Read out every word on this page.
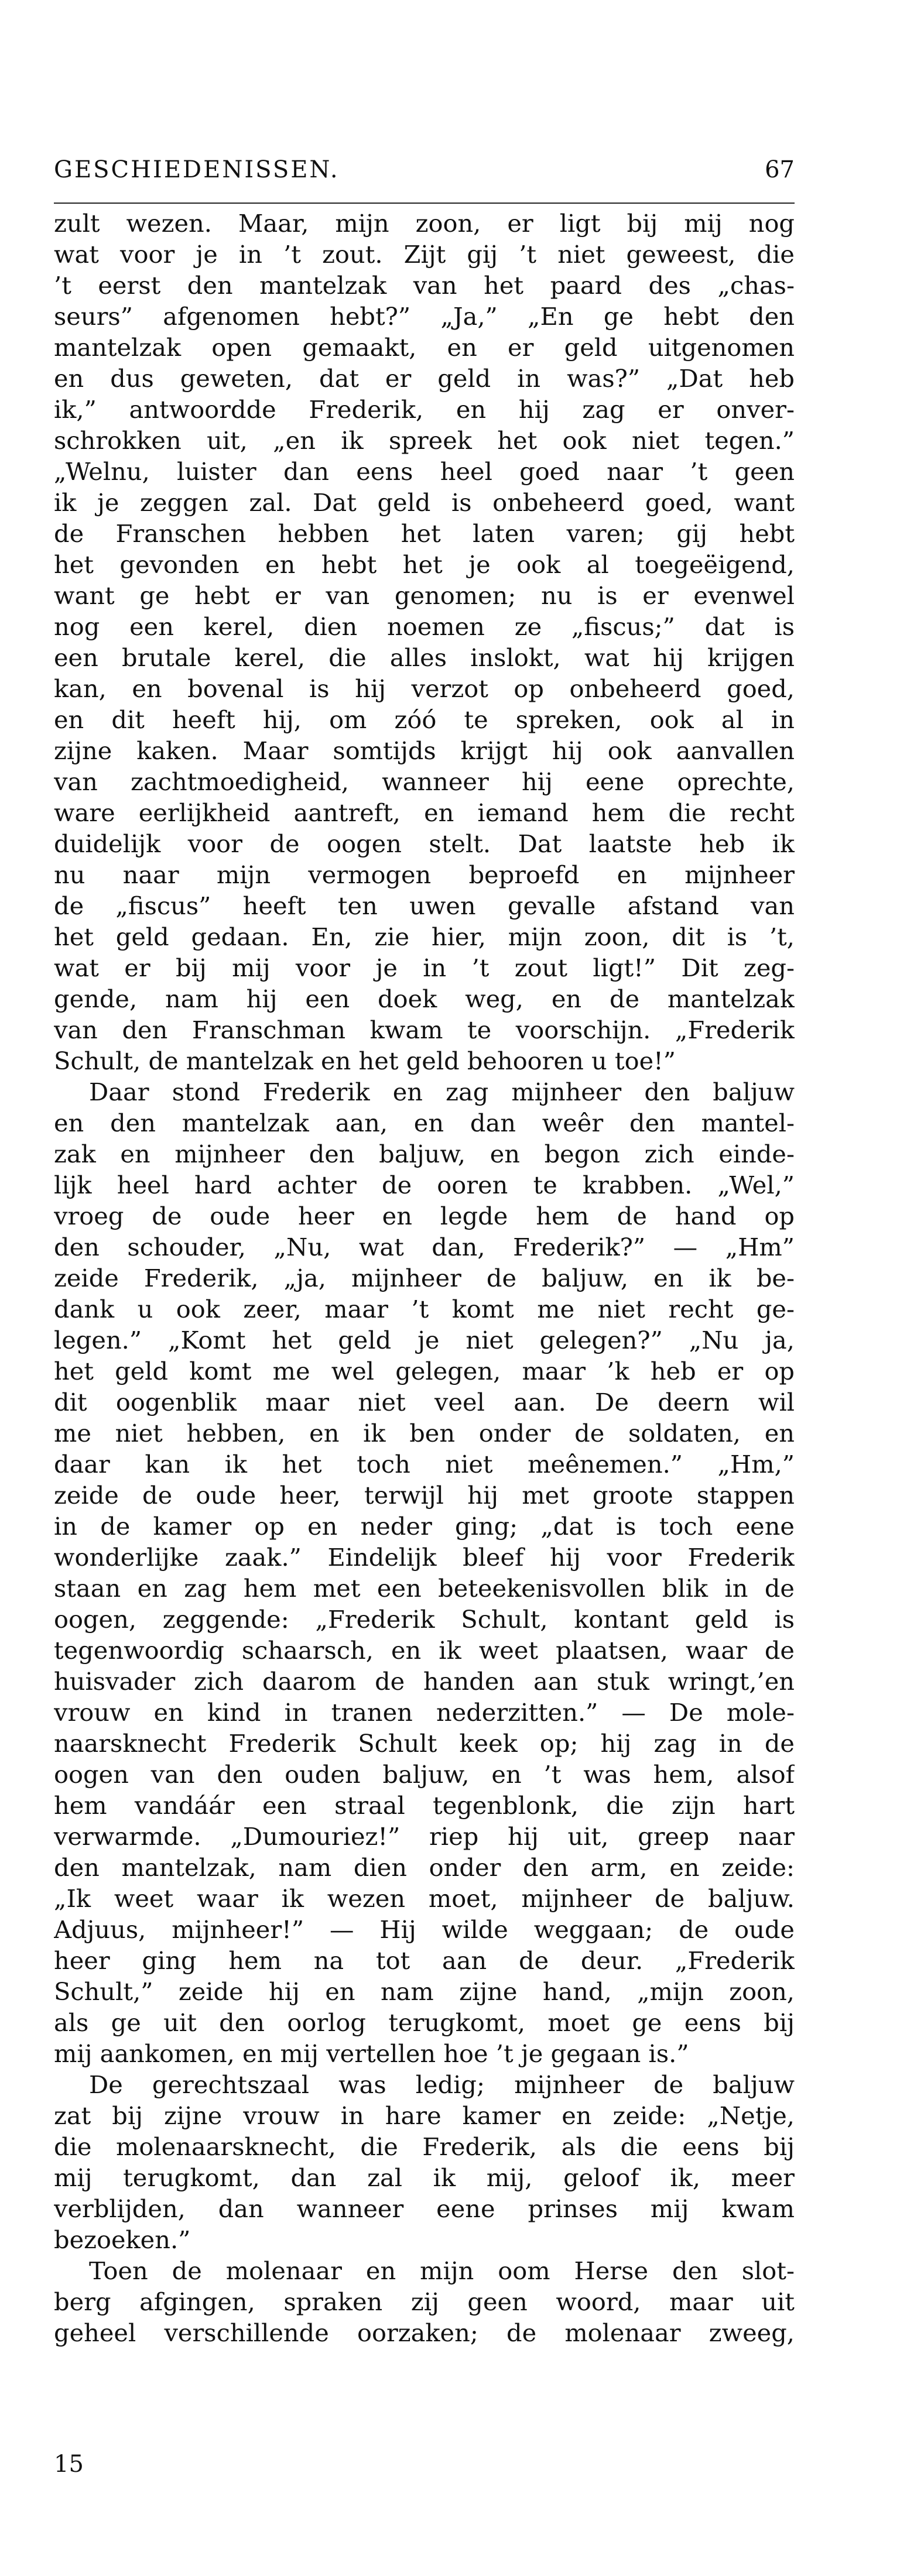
GESCHIEDENISSEN.	67
zult wezen. Maar, mijn zoon, er ligt bij mij nog
wat voor je in ’t zout. Zijt gij ’t niet geweest, die
’t eerst den mantelzak van het paard des „chas-
seurs” afgenomen hebt?” „Ja,” „En ge hebt den
mantelzak open gemaakt, en er geld uitgenomen
en dus geweten, dat er geld in was?” „Dat heb
ik,” antwoordde Frederik, en hij zag er onver-
schrokken uit, „en ik spreek het ook niet tegen.”
„Welnu, luister dan eens heel goed naar ’t geen
ik je zeggen zal. Dat geld is onbeheerd goed, want
de Franschen hebben het laten varen; gij hebt
het gevonden en hebt het je ook al toegeëigend,
want ge hebt er van genomen; nu is er evenwel
nog een kerel, dien noemen ze „fiscus;” dat is
een brutale kerel, die alles inslokt, wat hij krijgen
kan, en bovenal is hij verzot op onbeheerd goed,
en dit heeft hij, om zóó te spreken, ook al in
zijne kaken. Maar somtijds krijgt hij ook aanvallen
van zachtmoedigheid, wanneer hij eene oprechte,
ware eerlijkheid aantreft, en iemand hem die recht
duidelijk voor de oogen stelt. Dat laatste heb ik
nu naar mijn vermogen beproefd en mijnheer
de „fiscus” heeft ten uwen gevalle afstand van
het geld gedaan. En, zie hier, mijn zoon, dit is ’t,
wat er bij mij voor je in ’t zout ligt!” Dit zeg-
gende, nam hij een doek weg, en de mantelzak
van den Franschman kwam te voorschijn. „Frederik
Schult, de mantelzak en het geld behooren u toe!”
Daar stond Frederik en zag mijnheer den baljuw
en den mantelzak aan, en dan weêr den mantel-
zak en mijnheer den baljuw, en begon zich einde-
lijk heel hard achter de ooren te krabben. „Wel,”
vroeg de oude heer en legde hem de hand op
den schouder, „Nu, wat dan, Frederik?” — „Hm”
zeide Frederik, „ja, mijnheer de baljuw, en ik be-
dank u ook zeer, maar ’t komt me niet recht ge-
legen.” „Komt het geld je niet gelegen?” „Nu ja,
het geld komt me wel gelegen, maar ’k heb er op
dit oogenblik maar niet veel aan. De deern wil
me niet hebben, en ik ben onder de soldaten, en
daar kan ik het toch niet meênemen.” „Hm,”
zeide de oude heer, terwijl hij met groote stappen
in de kamer op en neder ging; „dat is toch eene
wonderlijke zaak.” Eindelijk bleef hij voor Frederik
staan en zag hem met een beteekenisvollen blik in de
oogen, zeggende: „Frederik Schult, kontant geld is
tegenwoordig schaarsch, en ik weet plaatsen, waar de
huisvader zich daarom de handen aan stuk wringt,’en
vrouw en kind in tranen nederzitten.” — De mole-
naarsknecht Frederik Schult keek op; hij zag in de
oogen van den ouden baljuw, en ’t was hem, alsof
hem vandáár een straal tegenblonk, die zijn hart
verwarmde. „Dumouriez!” riep hij uit, greep naar
den mantelzak, nam dien onder den arm, en zeide:
„Ik weet waar ik wezen moet, mijnheer de baljuw.
Adjuus, mijnheer!” — Hij wilde weggaan; de oude
heer ging hem na tot aan de deur. „Frederik
Schult,” zeide hij en nam zijne hand, „mijn zoon,
als ge uit den oorlog terugkomt, moet ge eens bij
mij aankomen, en mij vertellen hoe ’t je gegaan is.”
De gerechtszaal was ledig; mijnheer de baljuw
zat bij zijne vrouw in hare kamer en zeide: „Netje,
die molenaarsknecht, die Frederik, als die eens bij
mij terugkomt, dan zal ik mij, geloof ik, meer
verblijden, dan wanneer eene prinses mij kwam
bezoeken.”
Toen de molenaar en mijn oom Herse den slot-
berg afgingen, spraken zij geen woord, maar uit
geheel verschillende oorzaken; de molenaar zweeg,
15
